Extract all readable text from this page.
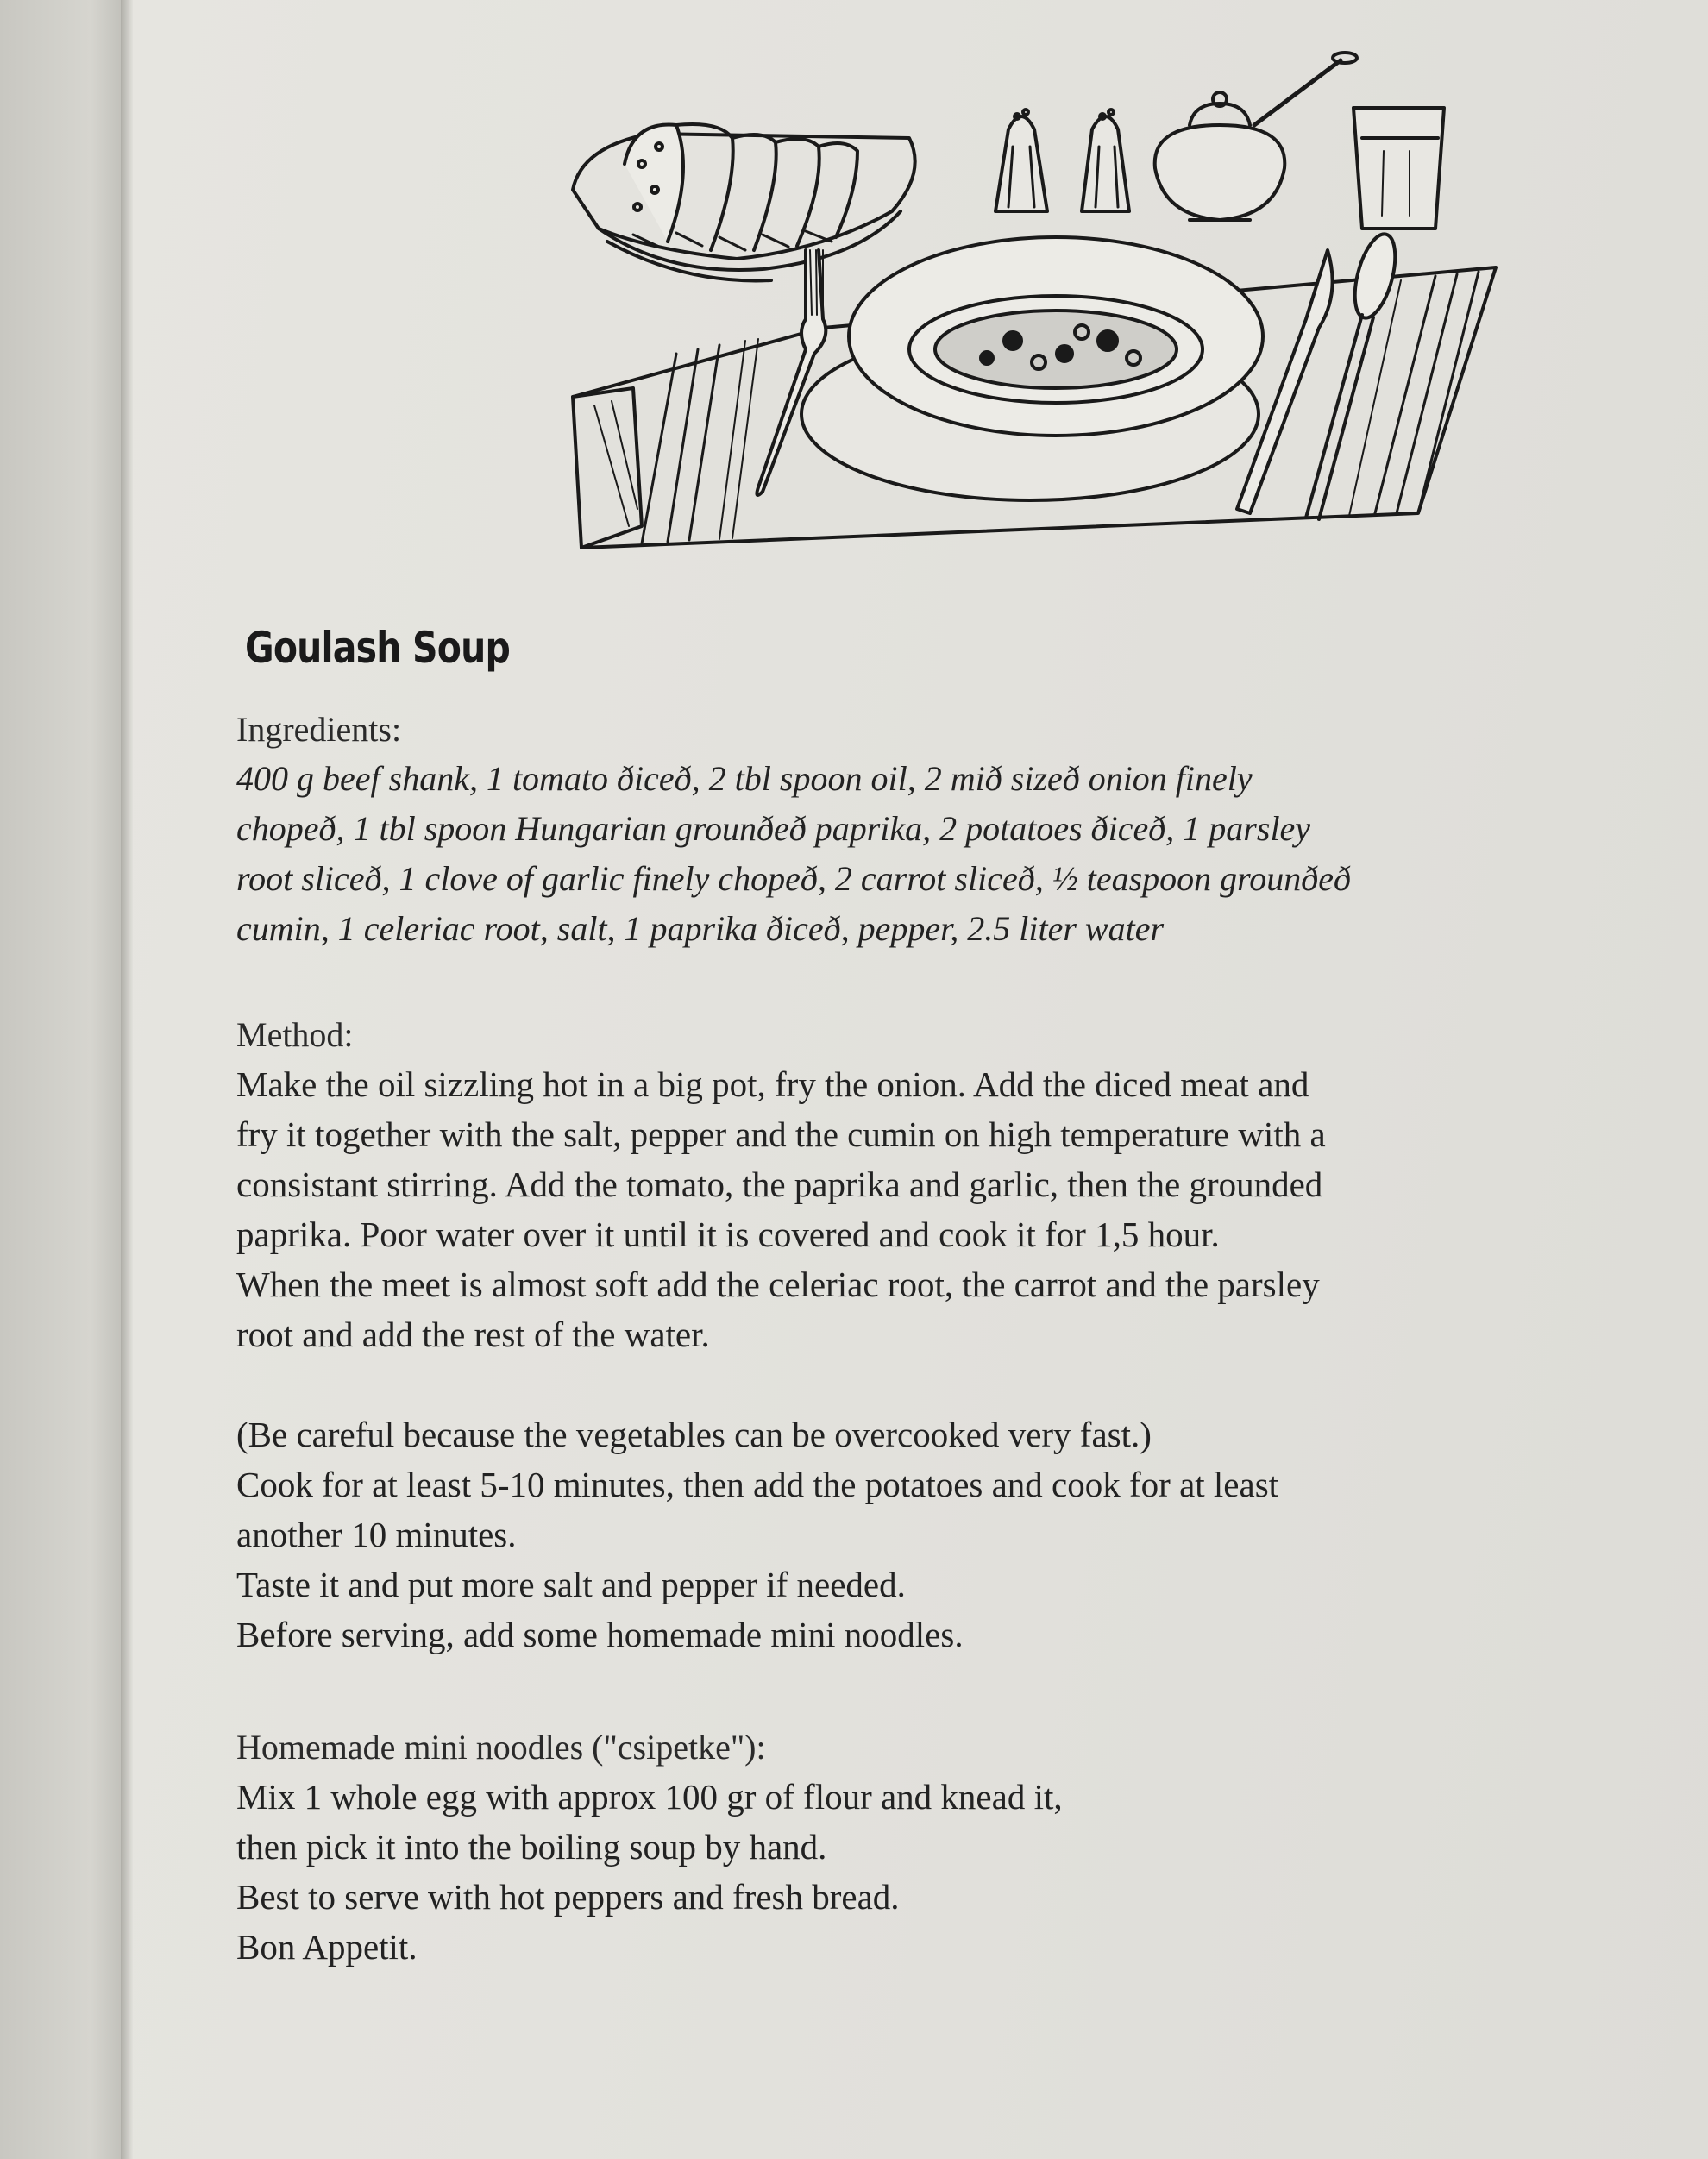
Goulash Soup

Ingredients:

400 g beef shank, 1 tomato ðiceð, 2 tbl spoon oil, 2 mið sizeð onion finely

chopeð, 1 tbl spoon Hungarian grounðeð paprika, 2 potatoes ðiceð, 1 parsley

root sliceð, 1 clove of garlic finely chopeð, 2 carrot sliceð, ½ teaspoon grounðeð

cumin, 1 celeriac root, salt, 1 paprika ðiceð, pepper, 2.5 liter water

Method:

Make the oil sizzling hot in a big pot, fry the onion. Add the diced meat and

fry it together with the salt, pepper and the cumin on high temperature with a

consistant stirring. Add the tomato, the paprika and garlic, then the grounded

paprika. Poor water over it until it is covered and cook it for 1,5 hour.

When the meet is almost soft add the celeriac root, the carrot and the parsley

root and add the rest of the water.

(Be careful because the vegetables can be overcooked very fast.)

Cook for at least 5-10 minutes, then add the potatoes and cook for at least

another 10 minutes.

Taste it and put more salt and pepper if needed.

Before serving, add some homemade mini noodles.

Homemade mini noodles ("csipetke"):

Mix 1 whole egg with approx 100 gr of flour and knead it,

then pick it into the boiling soup by hand.

Best to serve with hot peppers and fresh bread.

Bon Appetit.
